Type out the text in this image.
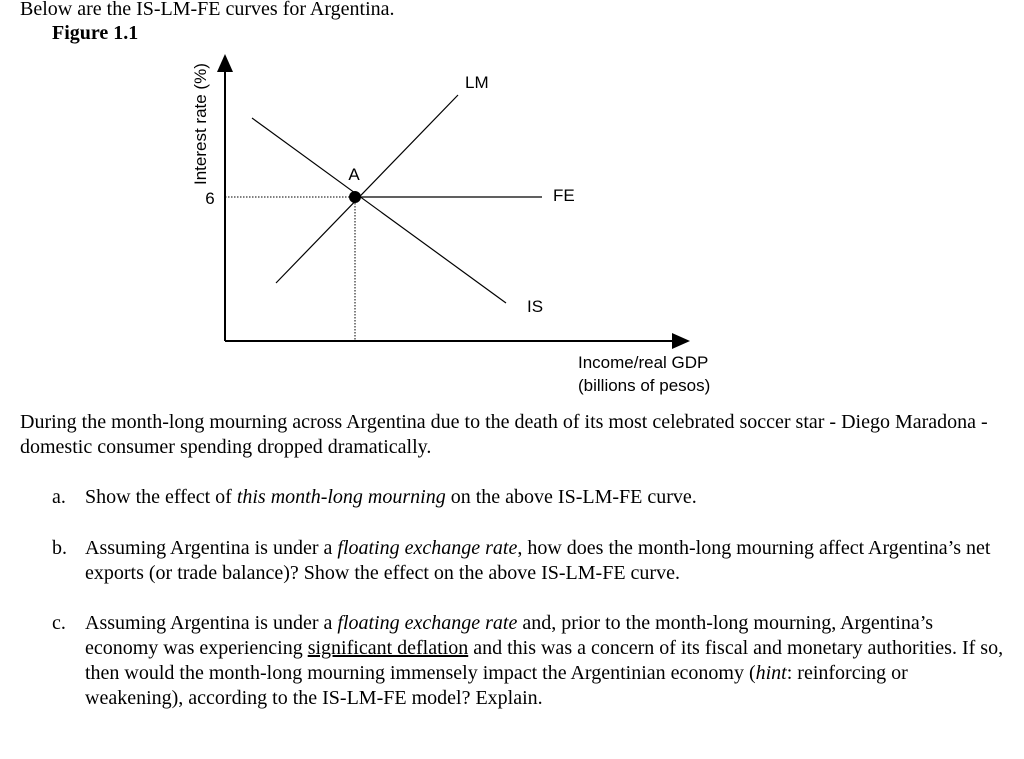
Below are the IS-LM-FE curves for Argentina.
Figure 1.1
Interest rate (%)
6
A
LM
FE
IS
Income/real GDP
(billions of pesos)
During the month-long mourning across Argentina due to the death of its most celebrated soccer star - Diego Maradona - domestic consumer spending dropped dramatically.
a. Show the effect of this month-long mourning on the above IS-LM-FE curve.
b. Assuming Argentina is under a floating exchange rate, how does the month-long mourning affect Argentina’s net exports (or trade balance)? Show the effect on the above IS-LM-FE curve.
c. Assuming Argentina is under a floating exchange rate and, prior to the month-long mourning, Argentina’s economy was experiencing significant deflation and this was a concern of its fiscal and monetary authorities. If so, then would the month-long mourning immensely impact the Argentinian economy (hint: reinforcing or weakening), according to the IS-LM-FE model? Explain.
